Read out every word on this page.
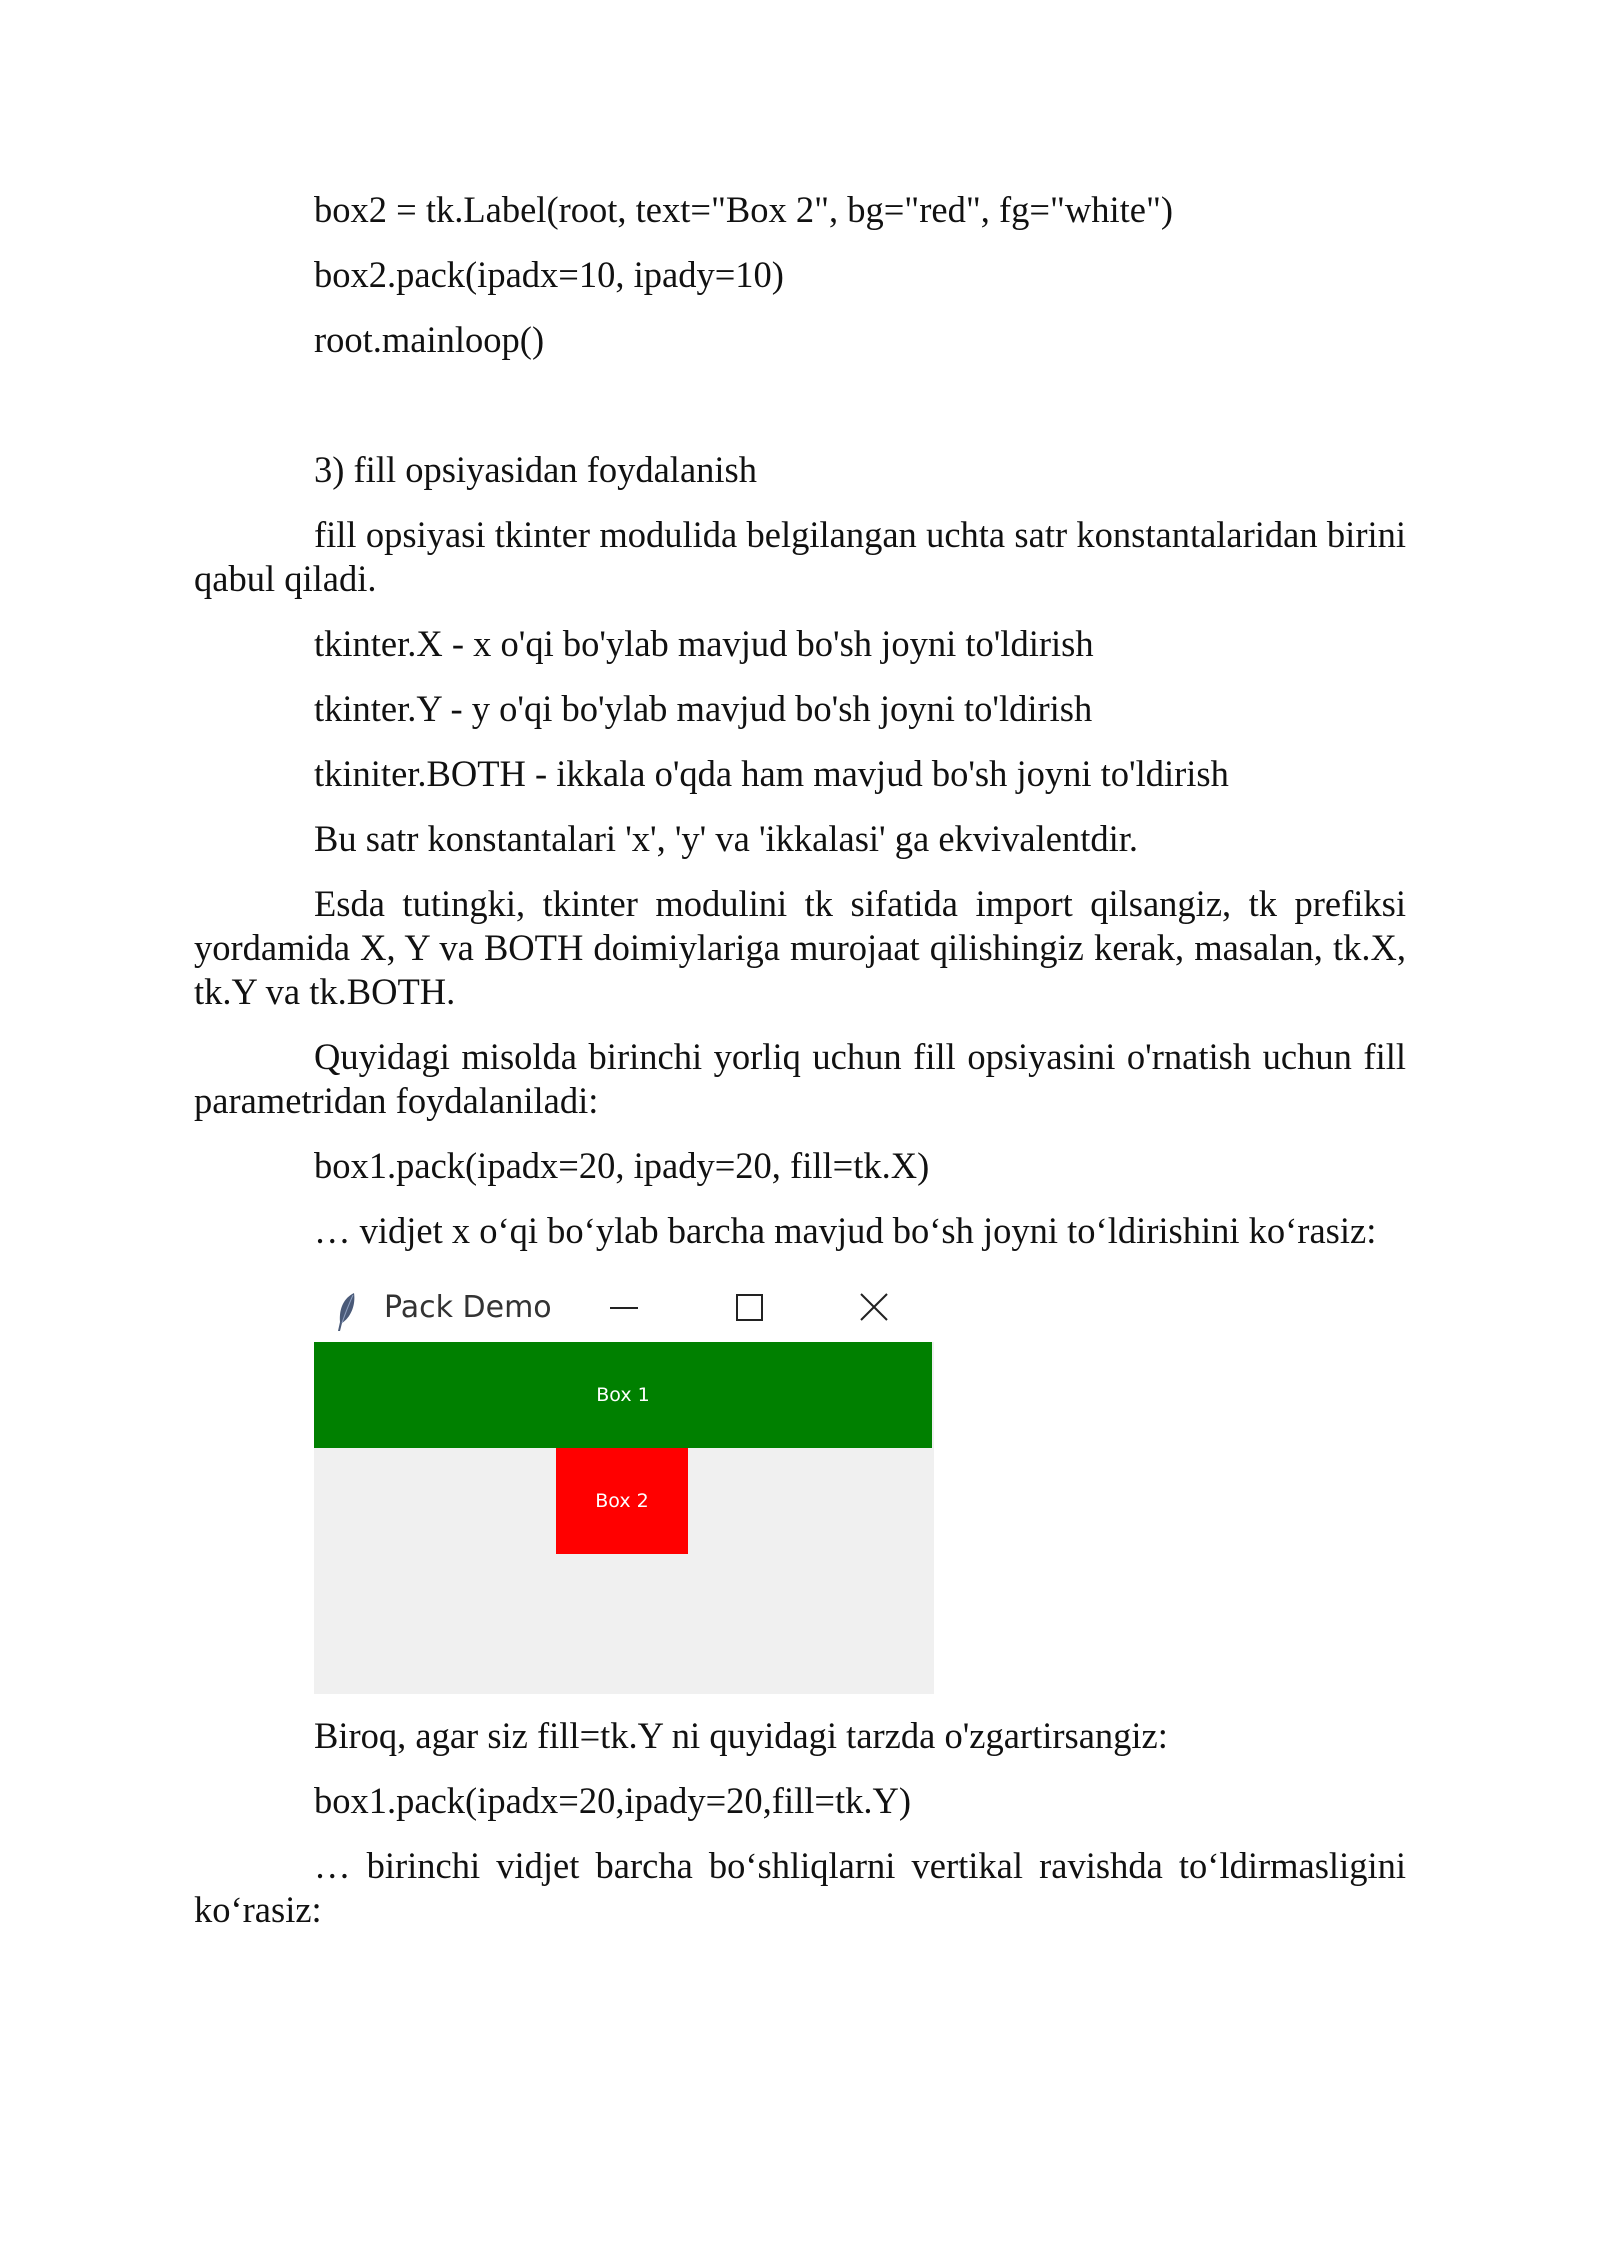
box2 = tk.Label(root, text="Box 2", bg="red", fg="white")
box2.pack(ipadx=10, ipady=10)
root.mainloop()
3) fill opsiyasidan foydalanish
fill opsiyasi tkinter modulida belgilangan uchta satr konstantalaridan birini qabul qiladi.
tkinter.X - x o'qi bo'ylab mavjud bo'sh joyni to'ldirish
tkinter.Y - y o'qi bo'ylab mavjud bo'sh joyni to'ldirish
tkiniter.BOTH - ikkala o'qda ham mavjud bo'sh joyni to'ldirish
Bu satr konstantalari 'x', 'y' va 'ikkalasi' ga ekvivalentdir.
Esda tutingki, tkinter modulini tk sifatida import qilsangiz, tk prefiksi yordamida X, Y va BOTH doimiylariga murojaat qilishingiz kerak, masalan, tk.X, tk.Y va tk.BOTH.
Quyidagi misolda birinchi yorliq uchun fill opsiyasini o'rnatish uchun fill parametridan foydalaniladi:
box1.pack(ipadx=20, ipady=20, fill=tk.X)
… vidjet x o‘qi bo‘ylab barcha mavjud bo‘sh joyni to‘ldirishini ko‘rasiz:
Pack Demo
Box 1
Box 2
Biroq, agar siz fill=tk.Y ni quyidagi tarzda o'zgartirsangiz:
box1.pack(ipadx=20,ipady=20,fill=tk.Y)
… birinchi vidjet barcha bo‘shliqlarni vertikal ravishda to‘ldirmasligini ko‘rasiz:
